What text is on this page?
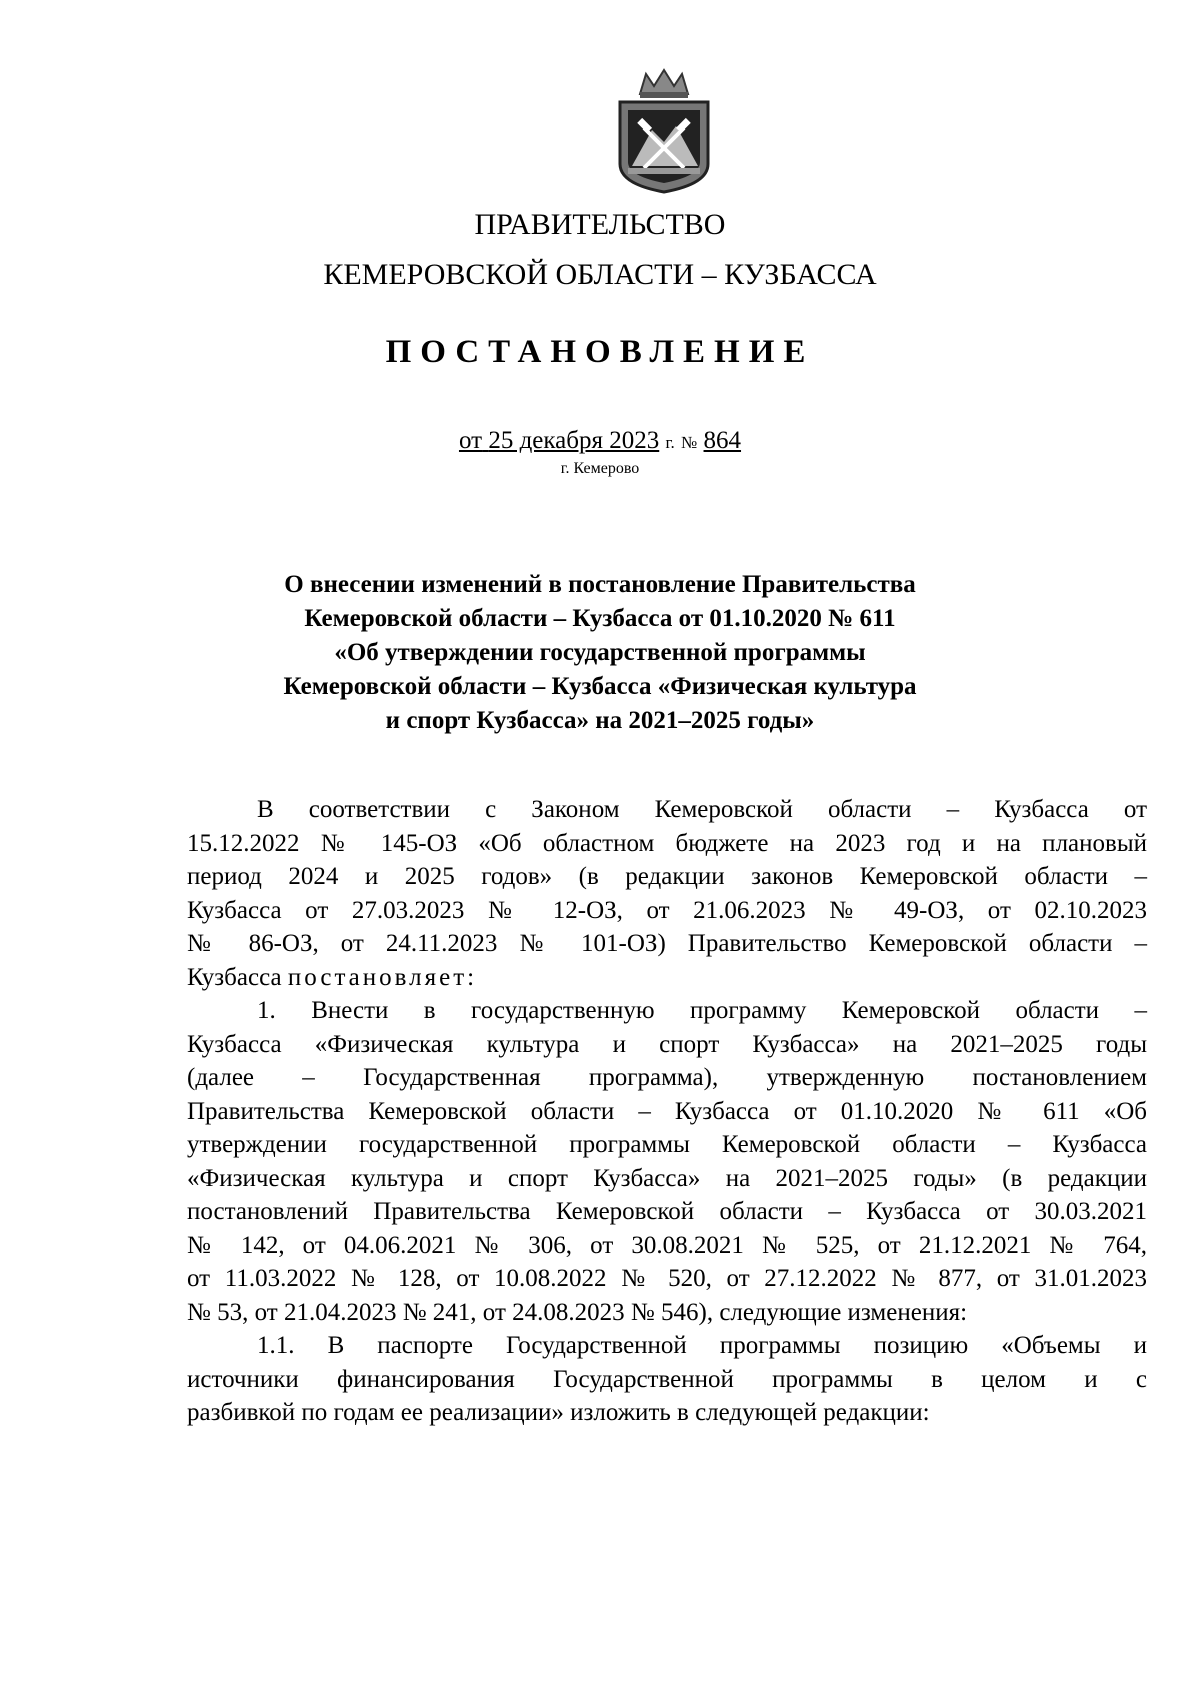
ПРАВИТЕЛЬСТВО
КЕМЕРОВСКОЙ ОБЛАСТИ – КУЗБАССА
ПОСТАНОВЛЕНИЕ
от 25 декабря 2023 г. № 864
г. Кемерово
О внесении изменений в постановление Правительства
Кемеровской области – Кузбасса от 01.10.2020 № 611
«Об утверждении государственной программы
Кемеровской области – Кузбасса «Физическая культура
и спорт Кузбасса» на 2021–2025 годы»
В соответствии с Законом Кемеровской области – Кузбасса от
15.12.2022 № 145-ОЗ «Об областном бюджете на 2023 год и на плановый
период 2024 и 2025 годов» (в редакции законов Кемеровской области –
Кузбасса от 27.03.2023 № 12-ОЗ, от 21.06.2023 № 49-ОЗ, от 02.10.2023
№ 86-ОЗ, от 24.11.2023 № 101-ОЗ) Правительство Кемеровской области –
Кузбасса постановляет:
1. Внести в государственную программу Кемеровской области –
Кузбасса «Физическая культура и спорт Кузбасса» на 2021–2025 годы
(далее – Государственная программа), утвержденную постановлением
Правительства Кемеровской области – Кузбасса от 01.10.2020 № 611 «Об
утверждении государственной программы Кемеровской области – Кузбасса
«Физическая культура и спорт Кузбасса» на 2021–2025 годы» (в редакции
постановлений Правительства Кемеровской области – Кузбасса от 30.03.2021
№ 142, от 04.06.2021 № 306, от 30.08.2021 № 525, от 21.12.2021 № 764,
от 11.03.2022 № 128, от 10.08.2022 № 520, от 27.12.2022 № 877, от 31.01.2023
№ 53, от 21.04.2023 № 241, от 24.08.2023 № 546), следующие изменения:
1.1. В паспорте Государственной программы позицию «Объемы и
источники финансирования Государственной программы в целом и с
разбивкой по годам ее реализации» изложить в следующей редакции:
